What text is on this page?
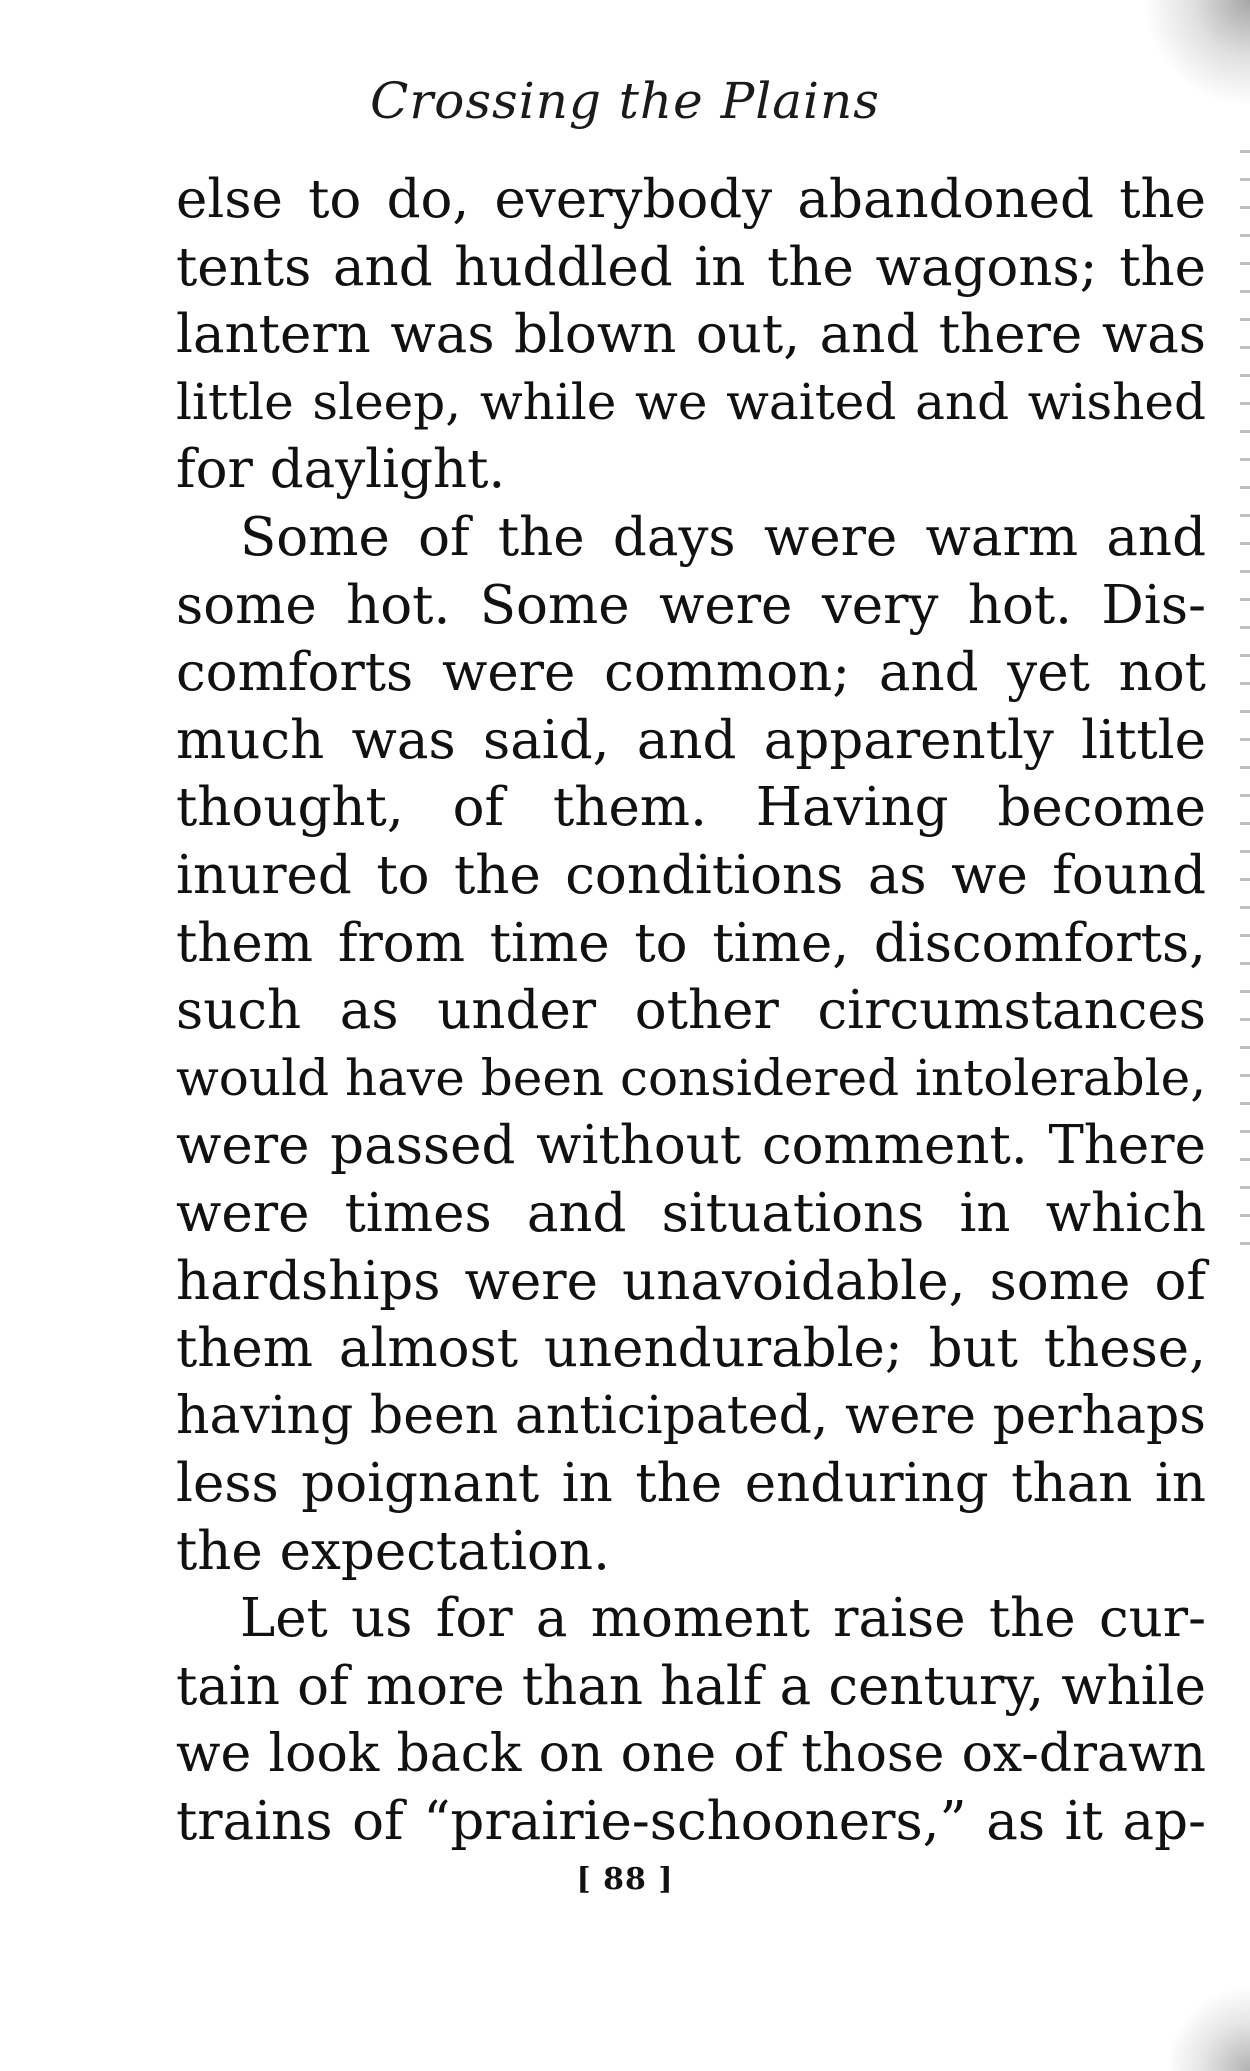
Crossing the Plains
else to do, everybody abandoned the
tents and huddled in the wagons; the
lantern was blown out, and there was
little sleep, while we waited and wished
for daylight.
Some of the days were warm and
some hot. Some were very hot. Dis-
comforts were common; and yet not
much was said, and apparently little
thought, of them. Having become
inured to the conditions as we found
them from time to time, discomforts,
such as under other circumstances
would have been considered intolerable,
were passed without comment. There
were times and situations in which
hardships were unavoidable, some of
them almost unendurable; but these,
having been anticipated, were perhaps
less poignant in the enduring than in
the expectation.
Let us for a moment raise the cur-
tain of more than half a century, while
we look back on one of those ox-drawn
trains of “prairie-schooners,” as it ap-
[ 88 ]
